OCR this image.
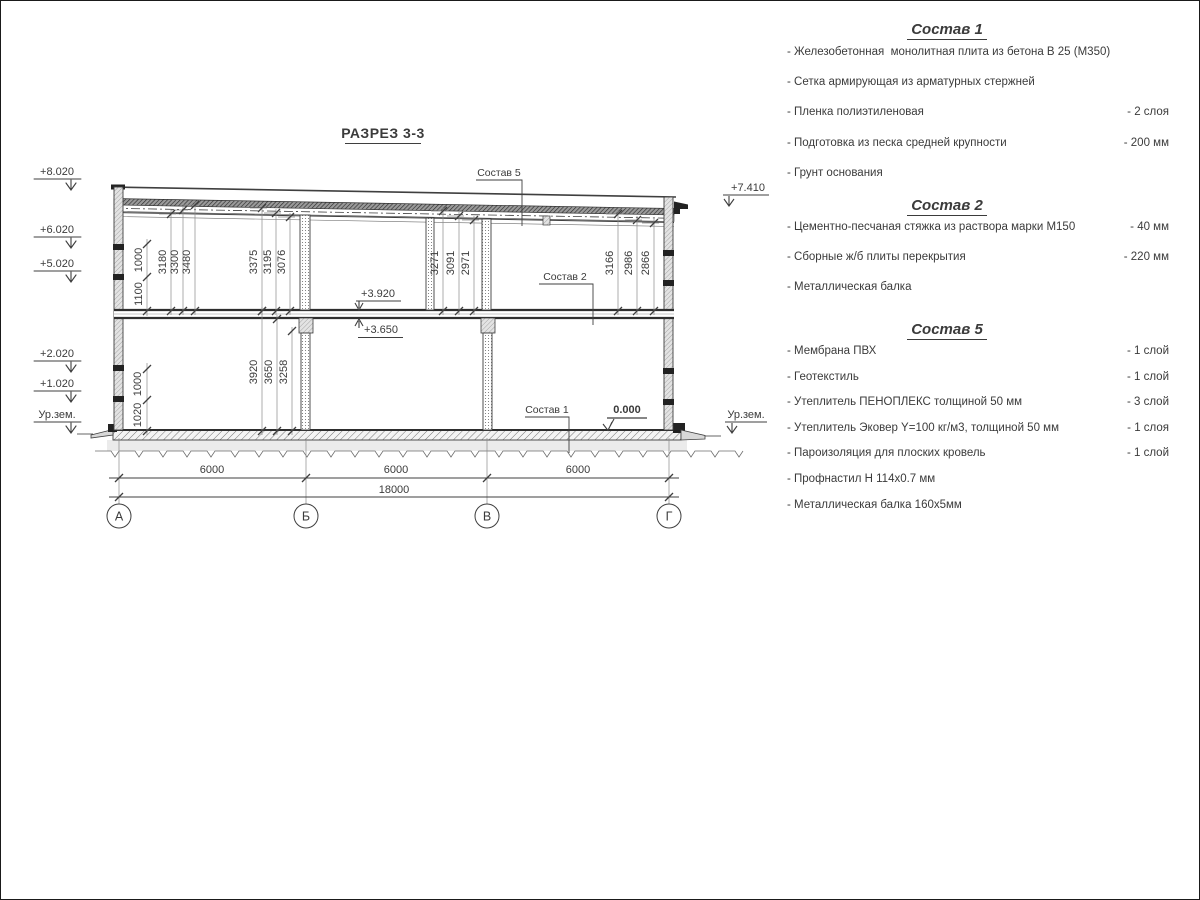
РАЗРЕЗ 3-3
1000
1100
3180 3300 3480	3375 3195 3076	3271 3091 2971	3166 2986 2866
1000
1020
3920 3650 3258
+8.020
+6.020
+5.020
+2.020
+1.020
Ур.зем.
+7.410
Ур.зем.
+3.920
+3.650
0.000
Состав 5
Состав 2
Состав 1
6000	6000	6000
18000
А	Б	В	Г
Состав 1
- Железобетонная  монолитная плита из бетона В 25 (М350)
- Сетка армирующая из арматурных стержней
- Пленка полиэтиленовая	- 2 слоя
- Подготовка из песка средней крупности	- 200 мм
- Грунт основания
Состав 2
- Цементно-песчаная стяжка из раствора марки М150	- 40 мм
- Сборные ж/б плиты перекрытия	- 220 мм
- Металлическая балка
Состав 5
- Мембрана ПВХ	- 1 слой
- Геотекстиль	- 1 слой
- Утеплитель ПЕНОПЛЕКС толщиной 50 мм	- 3 слой
- Утеплитель Эковер Y=100 кг/м3, толщиной 50 мм	- 1 слоя
- Пароизоляция для плоских кровель	- 1 слой
- Профнастил Н 114х0.7 мм
- Металлическая балка 160х5мм
